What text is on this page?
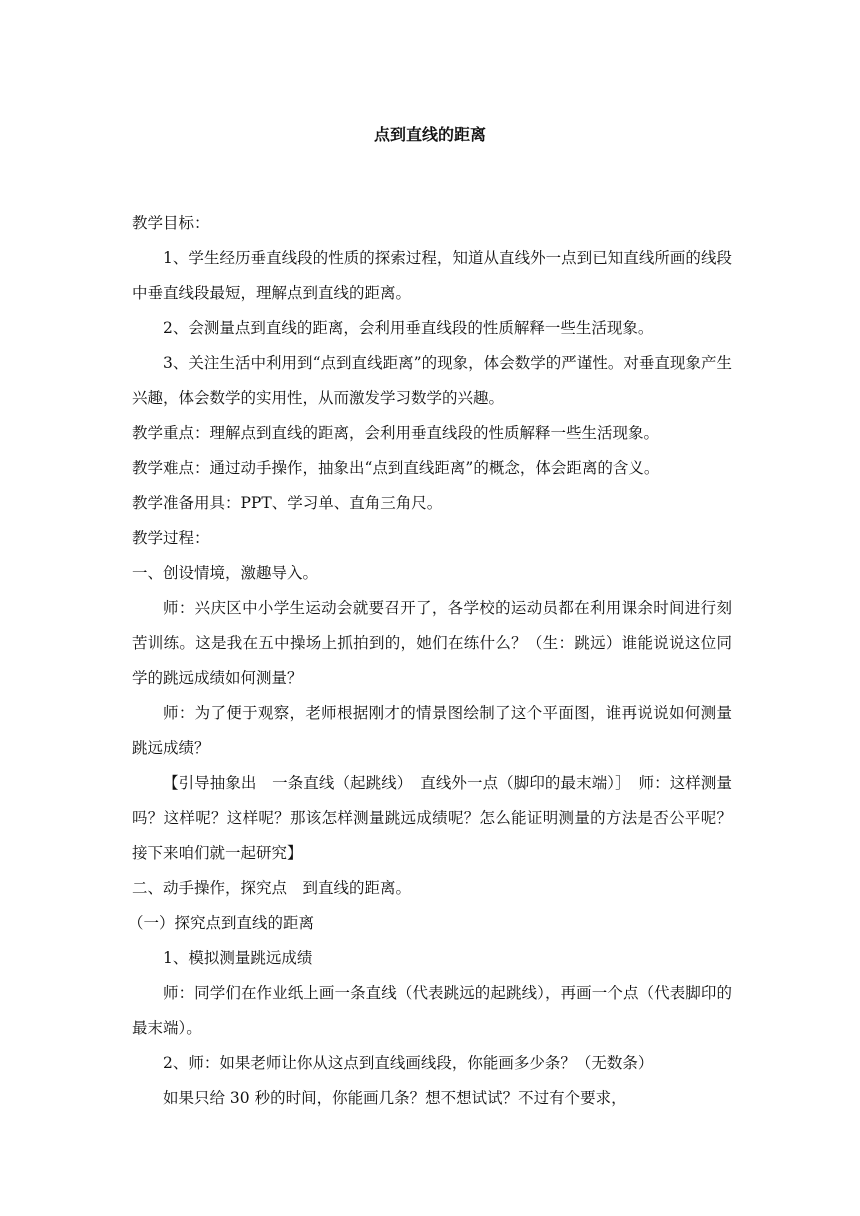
点到直线的距离

教学目标：

1、学生经历垂直线段的性质的探索过程，知道从直线外一点到已知直线所画的线段中垂直线段最短，理解点到直线的距离。

2、会测量点到直线的距离，会利用垂直线段的性质解释一些生活现象。

3、关注生活中利用到“点到直线距离”的现象，体会数学的严谨性。对垂直现象产生兴趣，体会数学的实用性，从而激发学习数学的兴趣。

教学重点：理解点到直线的距离，会利用垂直线段的性质解释一些生活现象。

教学难点：通过动手操作，抽象出“点到直线距离”的概念，体会距离的含义。

教学准备用具：PPT、学习单、直角三角尺。

教学过程：

一、创设情境，激趣导入。

师：兴庆区中小学生运动会就要召开了，各学校的运动员都在利用课余时间进行刻苦训练。这是我在五中操场上抓拍到的，她们在练什么？（生：跳远）谁能说说这位同学的跳远成绩如何测量？

师：为了便于观察，老师根据刚才的情景图绘制了这个平面图，谁再说说如何测量跳远成绩？

【引导抽象出　一条直线（起跳线）　直线外一点（脚印的最末端）］　师：这样测量吗？这样呢？这样呢？那该怎样测量跳远成绩呢？怎么能证明测量的方法是否公平呢？接下来咱们就一起研究】

二、动手操作，探究点　到直线的距离。

（一）探究点到直线的距离

1、模拟测量跳远成绩

师：同学们在作业纸上画一条直线（代表跳远的起跳线），再画一个点（代表脚印的最末端）。

2、师：如果老师让你从这点到直线画线段，你能画多少条？（无数条）

如果只给 30 秒的时间，你能画几条？想不想试试？不过有个要求，
